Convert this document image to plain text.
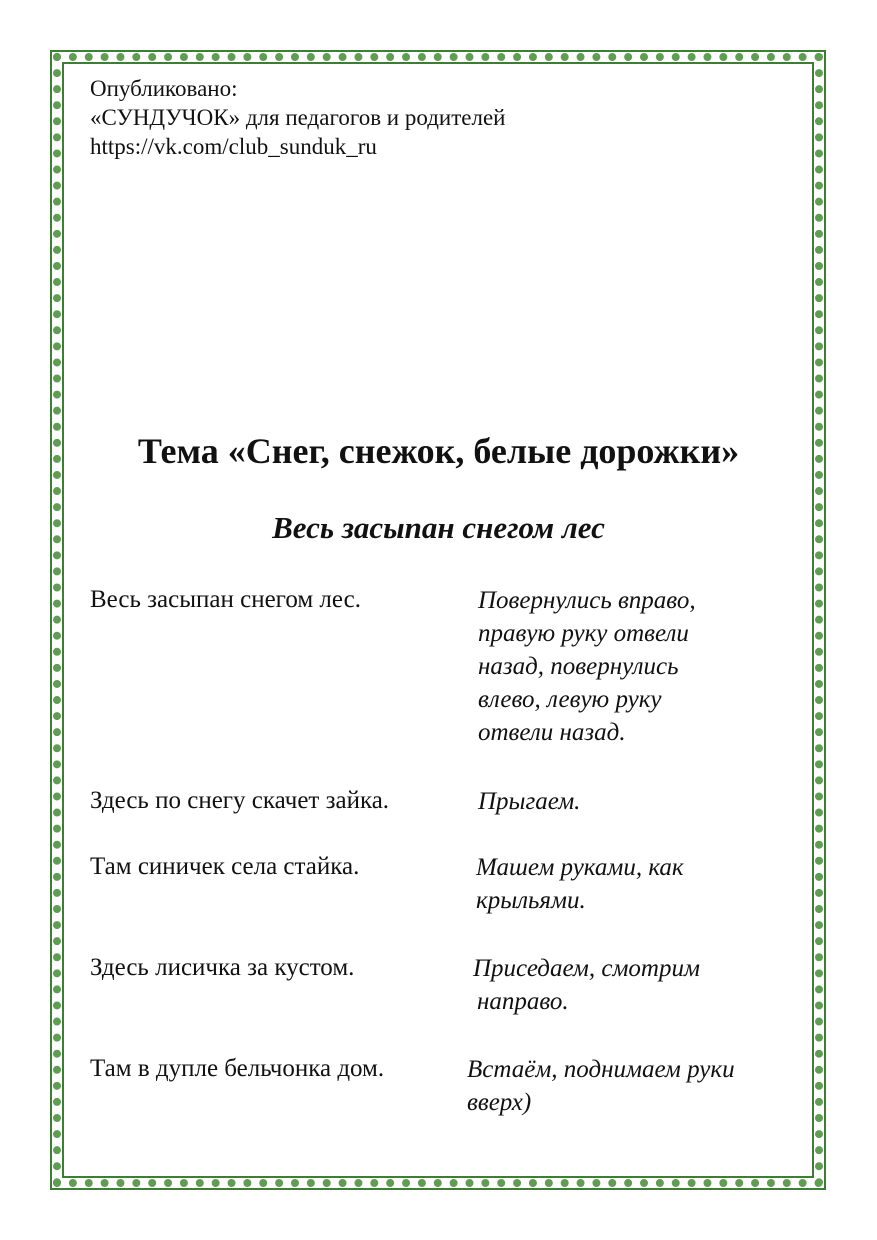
Опубликовано:
«СУНДУЧОК» для педагогов и родителей
https://vk.com/club_sunduk_ru
Тема «Снег, снежок, белые дорожки»
Весь засыпан снегом лес
Весь засыпан снегом лес.	Повернулись вправо,
правую руку отвели
назад, повернулись
влево, левую руку
отвели назад.
Здесь по снегу скачет зайка.	Прыгаем.
Там синичек села стайка.	Машем руками, как
крыльями.
Здесь лисичка за кустом.	Приседаем, смотрим
направо.
Там в дупле бельчонка дом.	Встаём, поднимаем руки
вверх)
